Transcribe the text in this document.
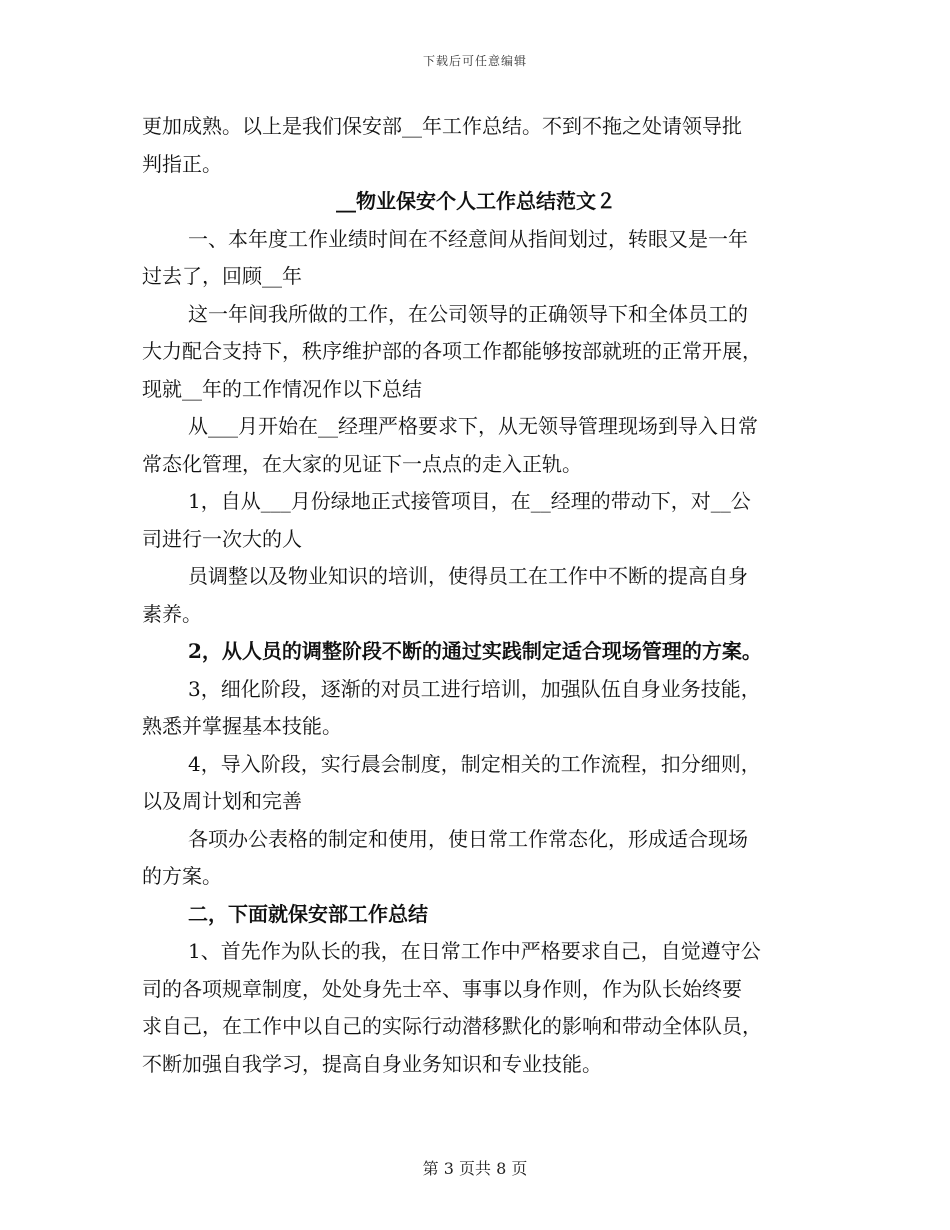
下载后可任意编辑
更加成熟。以上是我们保安部__年工作总结。不到不拖之处请领导批
判指正。
__物业保安个人工作总结范文２
一、本年度工作业绩时间在不经意间从指间划过，转眼又是一年
过去了，回顾__年
这一年间我所做的工作，在公司领导的正确领导下和全体员工的
大力配合支持下，秩序维护部的各项工作都能够按部就班的正常开展，
现就__年的工作情况作以下总结
从___月开始在__经理严格要求下，从无领导管理现场到导入日常
常态化管理，在大家的见证下一点点的走入正轨。
1，自从___月份绿地正式接管项目，在__经理的带动下，对__公
司进行一次大的人
员调整以及物业知识的培训，使得员工在工作中不断的提高自身
素养。
2，从人员的调整阶段不断的通过实践制定适合现场管理的方案。
3，细化阶段，逐渐的对员工进行培训，加强队伍自身业务技能，
熟悉并掌握基本技能。
4，导入阶段，实行晨会制度，制定相关的工作流程，扣分细则，
以及周计划和完善
各项办公表格的制定和使用，使日常工作常态化，形成适合现场
的方案。
二，下面就保安部工作总结
1、首先作为队长的我，在日常工作中严格要求自己，自觉遵守公
司的各项规章制度，处处身先士卒、事事以身作则，作为队长始终要
求自己，在工作中以自己的实际行动潜移默化的影响和带动全体队员，
不断加强自我学习，提高自身业务知识和专业技能。
第 3 页共 8 页
